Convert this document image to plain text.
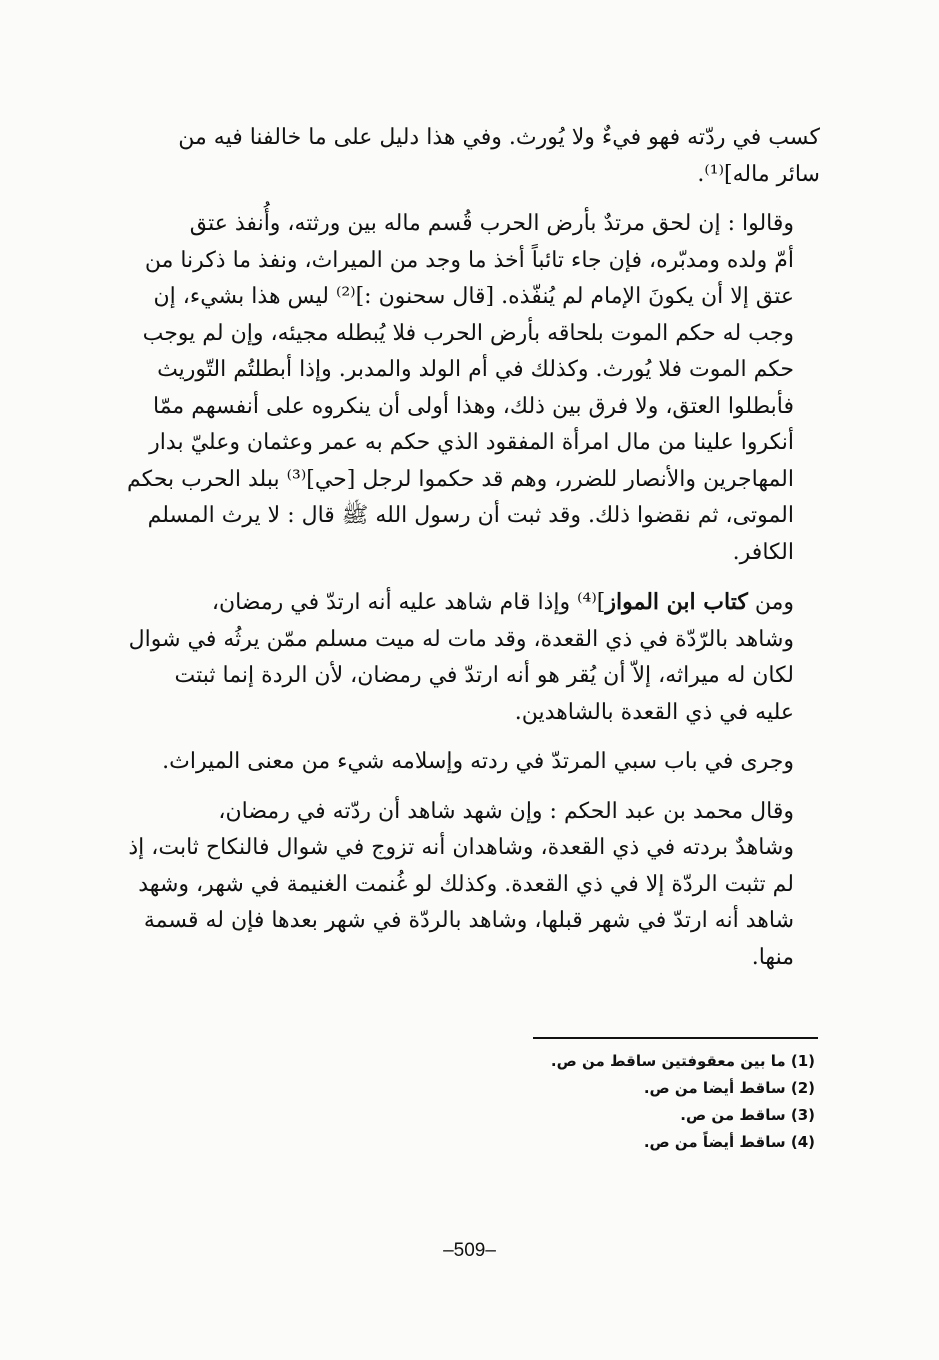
كسب في ردّته فهو فيءٌ ولا يُورث. وفي هذا دليل على ما خالفنا فيه من
سائر ماله]⁽¹⁾.

وقالوا : إن لحق مرتدٌ بأرض الحرب قُسم ماله بين ورثته، وأُنفذ عتق
أمّ ولده ومدبّره، فإن جاء تائباً أخذ ما وجد من الميراث، ونفذ ما ذكرنا من
عتق إلا أن يكونَ الإمام لم يُنفّذه. [قال سحنون :]⁽²⁾ ليس هذا بشيء، إن
وجب له حكم الموت بلحاقه بأرض الحرب فلا يُبطله مجيئه، وإن لم يوجب
حكم الموت فلا يُورث. وكذلك في أم الولد والمدبر. وإذا أبطلتُم التّوريث
فأبطلوا العتق، ولا فرق بين ذلك، وهذا أولى أن ينكروه على أنفسهم ممّا
أنكروا علينا من مال امرأة المفقود الذي حكم به عمر وعثمان وعليّ بدار
المهاجرين والأنصار للضرر، وهم قد حكموا لرجل [حي]⁽³⁾ ببلد الحرب بحكم
الموتى، ثم نقضوا ذلك. وقد ثبت أن رسول الله ﷺ قال : لا يرث المسلم
الكافر.

ومن كتاب ابن المواز]⁽⁴⁾ وإذا قام شاهد عليه أنه ارتدّ في رمضان،
وشاهد بالرّدّة في ذي القعدة، وقد مات له ميت مسلم ممّن يرثُه في شوال
لكان له ميراثه، إلاّ أن يُقر هو أنه ارتدّ في رمضان، لأن الردة إنما ثبتت
عليه في ذي القعدة بالشاهدين.

وجرى في باب سبي المرتدّ في ردته وإسلامه شيء من معنى الميراث.

وقال محمد بن عبد الحكم : وإن شهد شاهد أن ردّته في رمضان،
وشاهدٌ بردته في ذي القعدة، وشاهدان أنه تزوج في شوال فالنكاح ثابت، إذ
لم تثبت الردّة إلا في ذي القعدة. وكذلك لو غُنمت الغنيمة في شهر، وشهد
شاهد أنه ارتدّ في شهر قبلها، وشاهد بالردّة في شهر بعدها فإن له قسمة
منها.

(1) ما بين معقوفتين ساقط من ص.
(2) ساقط أيضا من ص.
(3) ساقط من ص.
(4) ساقط أيضاً من ص.
–509–
